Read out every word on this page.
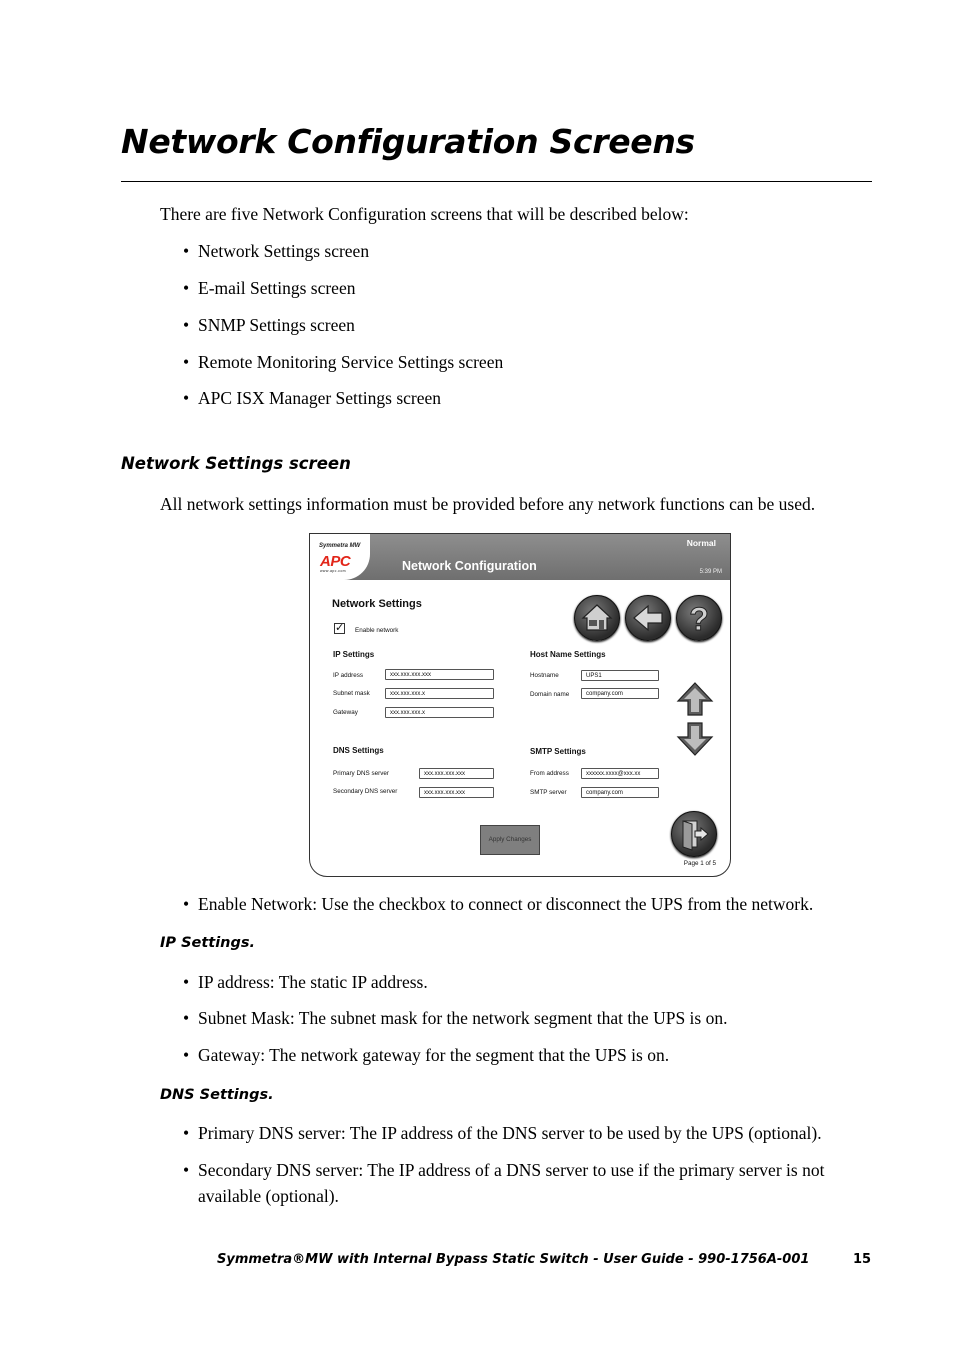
Network Configuration Screens
There are five Network Configuration screens that will be described below:
• Network Settings screen
• E-mail Settings screen
• SNMP Settings screen
• Remote Monitoring Service Settings screen
• APC ISX Manager Settings screen
Network Settings screen
All network settings information must be provided before any network functions can be used.
Symmetra MW
APC
www.apc.com	Network Configuration
Normal
5:39 PM
Network Settings
✓ Enable network	?
IP Settings
IP address	xxx.xxx.xxx.xxx
Subnet mask	xxx.xxx.xxx.x
Gateway	xxx.xxx.xxx.x
Host Name Settings
Hostname	UPS1
Domain name	company.com
DNS Settings
Primary DNS server	xxx.xxx.xxx.xxx
Secondary DNS server	xxx.xxx.xxx.xxx
SMTP Settings
From address	xxxxxx.xxxx@xxx.xx
SMTP server	company.com
Apply Changes
Page 1 of 5
• Enable Network: Use the checkbox to connect or disconnect the UPS from the network.
IP Settings.
• IP address: The static IP address.
• Subnet Mask: The subnet mask for the network segment that the UPS is on.
• Gateway: The network gateway for the segment that the UPS is on.
DNS Settings.
• Primary DNS server: The IP address of the DNS server to be used by the UPS (optional).
• Secondary DNS server: The IP address of a DNS server to use if the primary server is not available (optional).
Symmetra®MW with Internal Bypass Static Switch - User Guide - 990-1756A-001	15
